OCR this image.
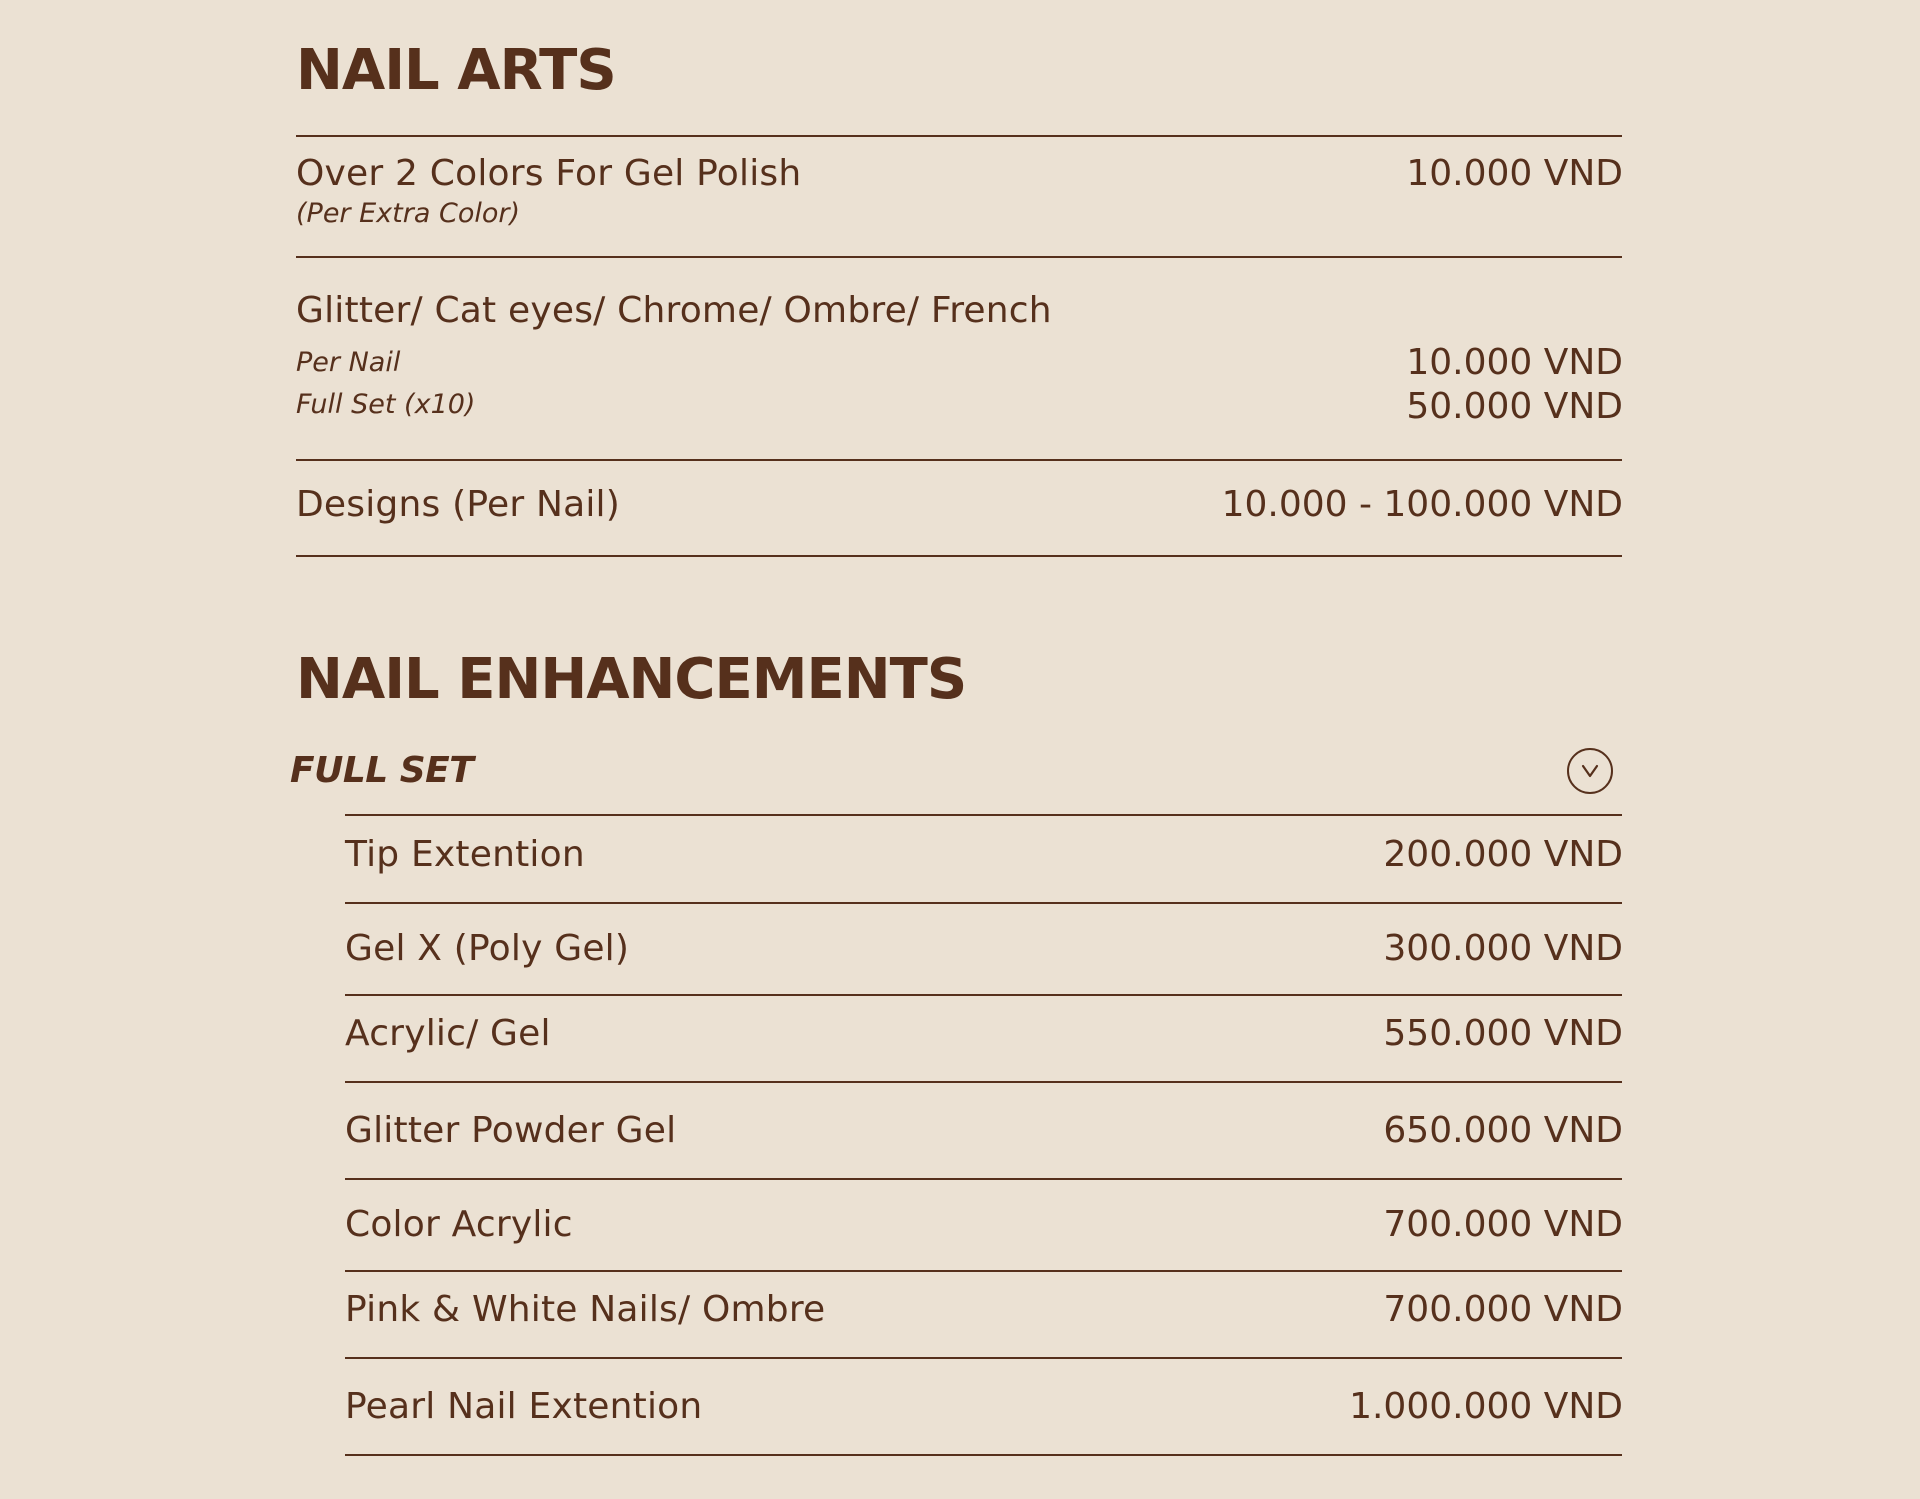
NAIL ARTS
Over 2 Colors For Gel Polish
(Per Extra Color)
10.000 VND
Glitter/ Cat eyes/ Chrome/ Ombre/ French
Per Nail	10.000 VND
Full Set (x10)	50.000 VND
Designs (Per Nail)	10.000 - 100.000 VND
NAIL ENHANCEMENTS
FULL SET
Tip Extention	200.000 VND
Gel X (Poly Gel)	300.000 VND
Acrylic/ Gel	550.000 VND
Glitter Powder Gel	650.000 VND
Color Acrylic	700.000 VND
Pink & White Nails/ Ombre	700.000 VND
Pearl Nail Extention	1.000.000 VND
